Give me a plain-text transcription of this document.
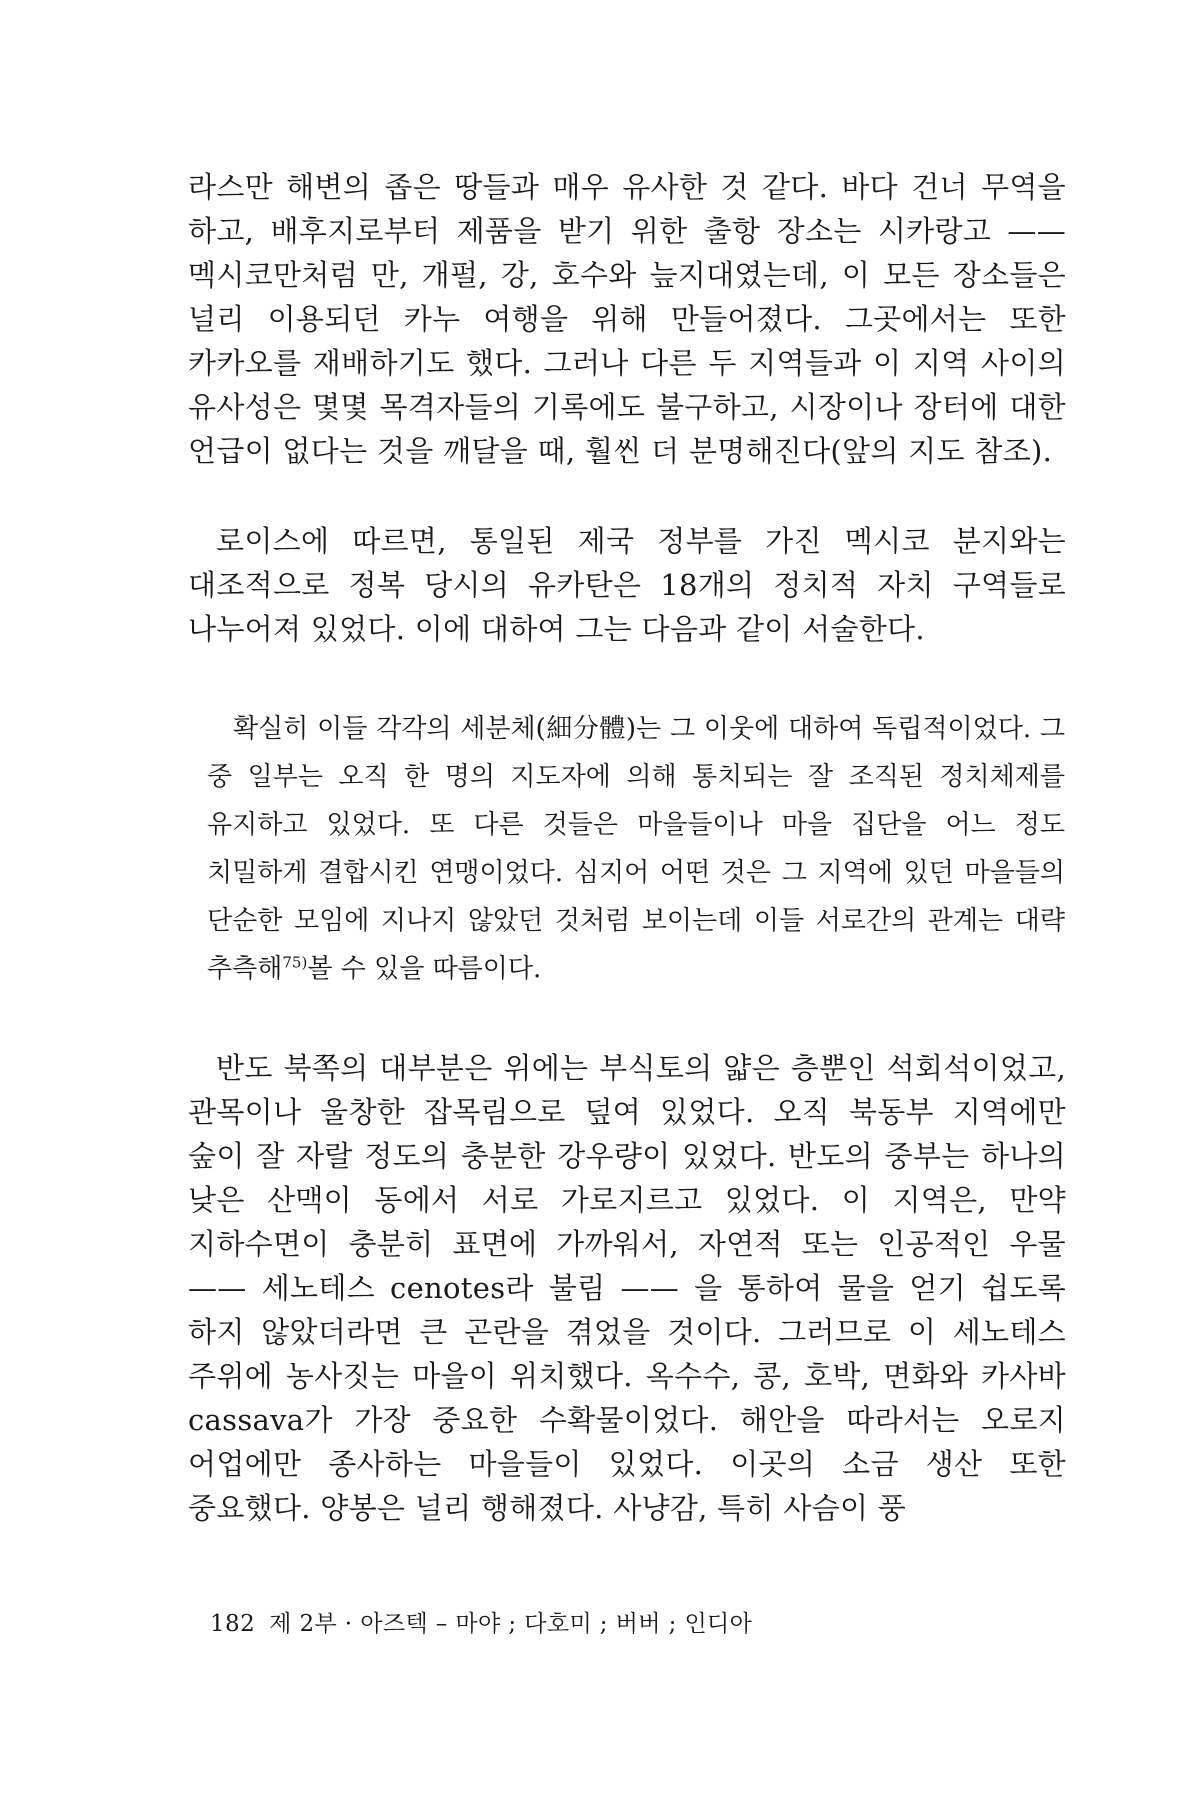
라스만 해변의 좁은 땅들과 매우 유사한 것 같다. 바다 건너 무역을 하고, 배후지로부터 제품을 받기 위한 출항 장소는 시카랑고 —— 멕시코만처럼 만, 개펄, 강, 호수와 늪지대였는데, 이 모든 장소들은 널리 이용되던 카누 여행을 위해 만들어졌다. 그곳에서는 또한 카카오를 재배하기도 했다. 그러나 다른 두 지역들과 이 지역 사이의 유사성은 몇몇 목격자들의 기록에도 불구하고, 시장이나 장터에 대한 언급이 없다는 것을 깨달을 때, 훨씬 더 분명해진다(앞의 지도 참조).

로이스에 따르면, 통일된 제국 정부를 가진 멕시코 분지와는 대조적으로 정복 당시의 유카탄은 18개의 정치적 자치 구역들로 나누어져 있었다. 이에 대하여 그는 다음과 같이 서술한다.

확실히 이들 각각의 세분체(細分體)는 그 이웃에 대하여 독립적이었다. 그 중 일부는 오직 한 명의 지도자에 의해 통치되는 잘 조직된 정치체제를 유지하고 있었다. 또 다른 것들은 마을들이나 마을 집단을 어느 정도 치밀하게 결합시킨 연맹이었다. 심지어 어떤 것은 그 지역에 있던 마을들의 단순한 모임에 지나지 않았던 것처럼 보이는데 이들 서로간의 관계는 대략 추측해$^{75)}$볼 수 있을 따름이다.

반도 북쪽의 대부분은 위에는 부식토의 얇은 층뿐인 석회석이었고, 관목이나 울창한 잡목림으로 덮여 있었다. 오직 북동부 지역에만 숲이 잘 자랄 정도의 충분한 강우량이 있었다. 반도의 중부는 하나의 낮은 산맥이 동에서 서로 가로지르고 있었다. 이 지역은, 만약 지하수면이 충분히 표면에 가까워서, 자연적 또는 인공적인 우물 —— 세노테스 cenotes라 불림 —— 을 통하여 물을 얻기 쉽도록 하지 않았더라면 큰 곤란을 겪었을 것이다. 그러므로 이 세노테스 주위에 농사짓는 마을이 위치했다. 옥수수, 콩, 호박, 면화와 카사바 cassava가 가장 중요한 수확물이었다. 해안을 따라서는 오로지 어업에만 종사하는 마을들이 있었다. 이곳의 소금 생산 또한 중요했다. 양봉은 널리 행해졌다. 사냥감, 특히 사슴이 풍

182 제 2부 · 아즈텍 – 마야 ; 다호미 ; 버버 ; 인디아
